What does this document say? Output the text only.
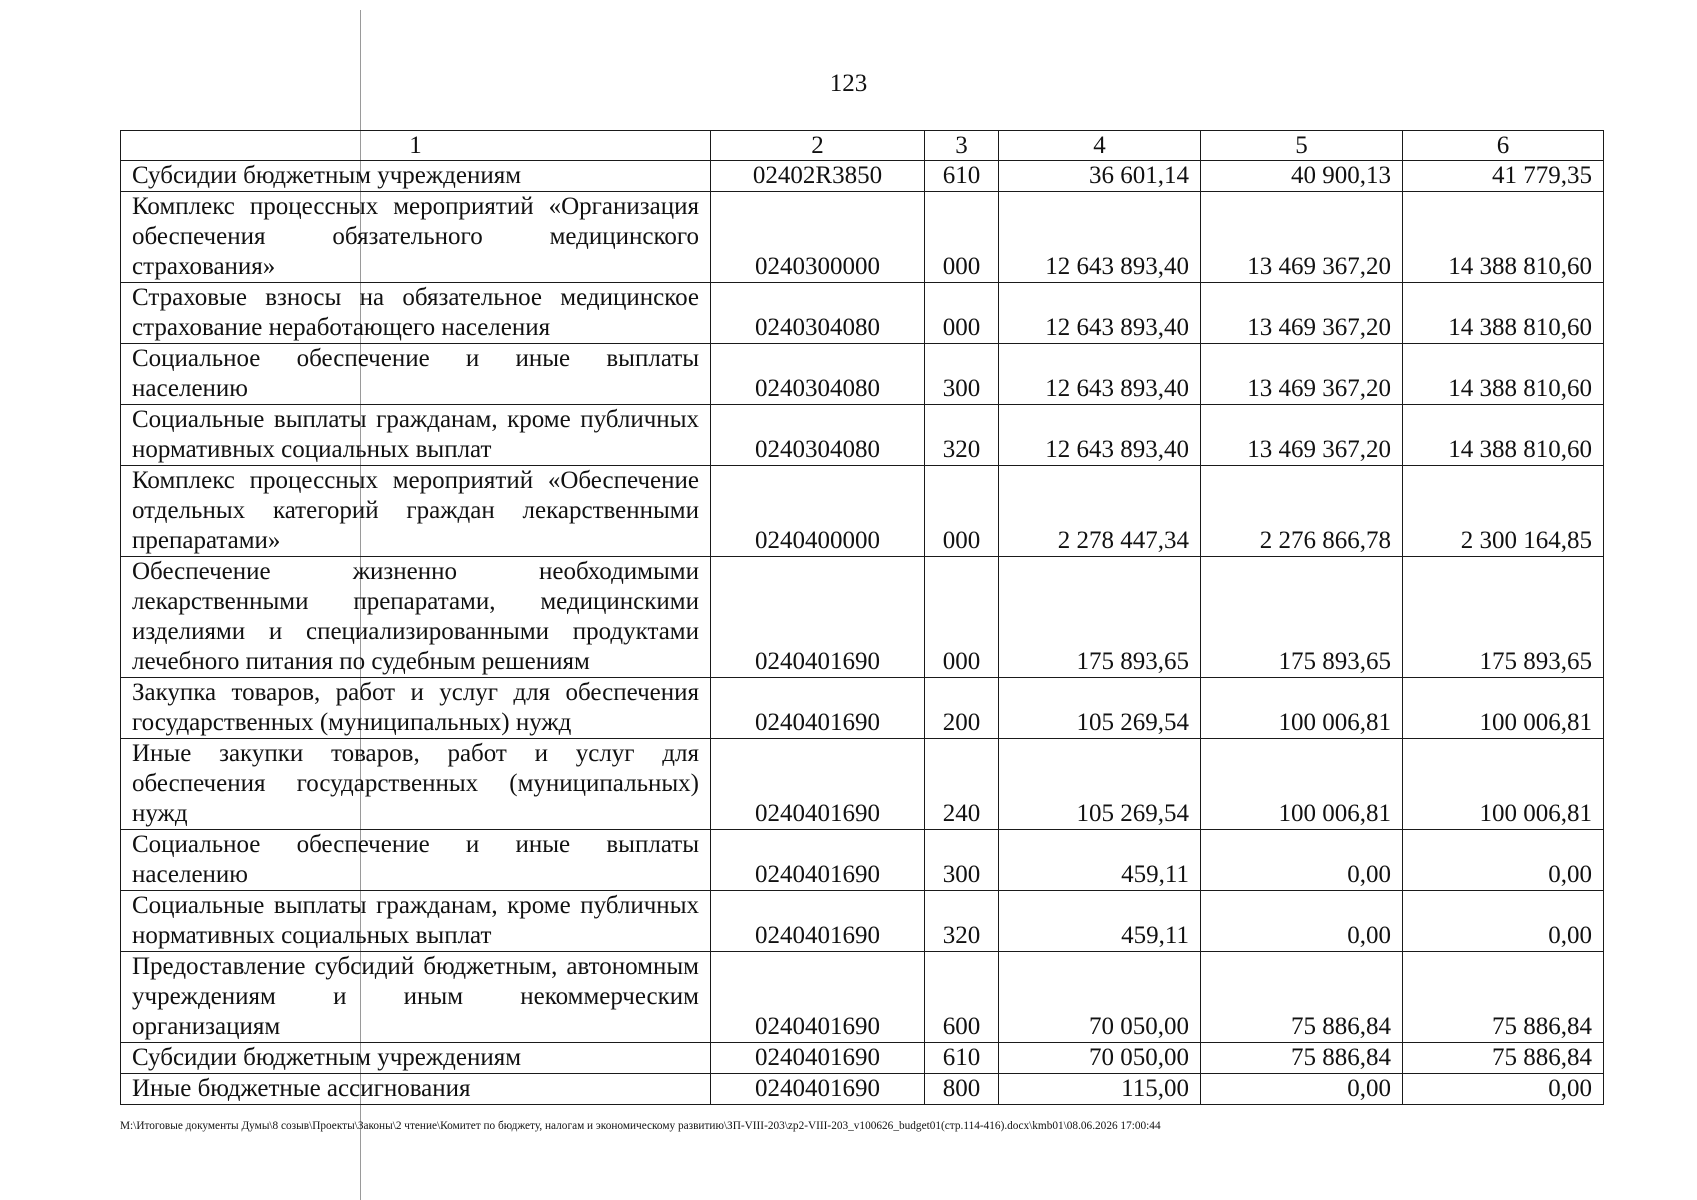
123
1	2	3	4	5	6
Субсидии бюджетным учреждениям	02402R3850	610	36 601,14	40 900,13	41 779,35
Комплекс процессных мероприятий «Организация обеспечения обязательного медицинского страхования»	0240300000	000	12 643 893,40	13 469 367,20	14 388 810,60
Страховые взносы на обязательное медицинское страхование неработающего населения	0240304080	000	12 643 893,40	13 469 367,20	14 388 810,60
Социальное обеспечение и иные выплаты населению	0240304080	300	12 643 893,40	13 469 367,20	14 388 810,60
Социальные выплаты гражданам, кроме публичных нормативных социальных выплат	0240304080	320	12 643 893,40	13 469 367,20	14 388 810,60
Комплекс процессных мероприятий «Обеспечение отдельных категорий граждан лекарственными препаратами»	0240400000	000	2 278 447,34	2 276 866,78	2 300 164,85
Обеспечение жизненно необходимыми лекарственными препаратами, медицинскими изделиями и специализированными продуктами лечебного питания по судебным решениям	0240401690	000	175 893,65	175 893,65	175 893,65
Закупка товаров, работ и услуг для обеспечения государственных (муниципальных) нужд	0240401690	200	105 269,54	100 006,81	100 006,81
Иные закупки товаров, работ и услуг для обеспечения государственных (муниципальных) нужд	0240401690	240	105 269,54	100 006,81	100 006,81
Социальное обеспечение и иные выплаты населению	0240401690	300	459,11	0,00	0,00
Социальные выплаты гражданам, кроме публичных нормативных социальных выплат	0240401690	320	459,11	0,00	0,00
Предоставление субсидий бюджетным, автономным учреждениям и иным некоммерческим организациям	0240401690	600	70 050,00	75 886,84	75 886,84
Субсидии бюджетным учреждениям	0240401690	610	70 050,00	75 886,84	75 886,84
Иные бюджетные ассигнования	0240401690	800	115,00	0,00	0,00
M:\Итоговые документы Думы\8 созыв\Проекты\Законы\2 чтение\Комитет по бюджету, налогам и экономическому развитию\ЗП-VIII-203\zp2-VIII-203_v100626_budget01(стр.114-416).docx\kmb01\08.06.2026 17:00:44
